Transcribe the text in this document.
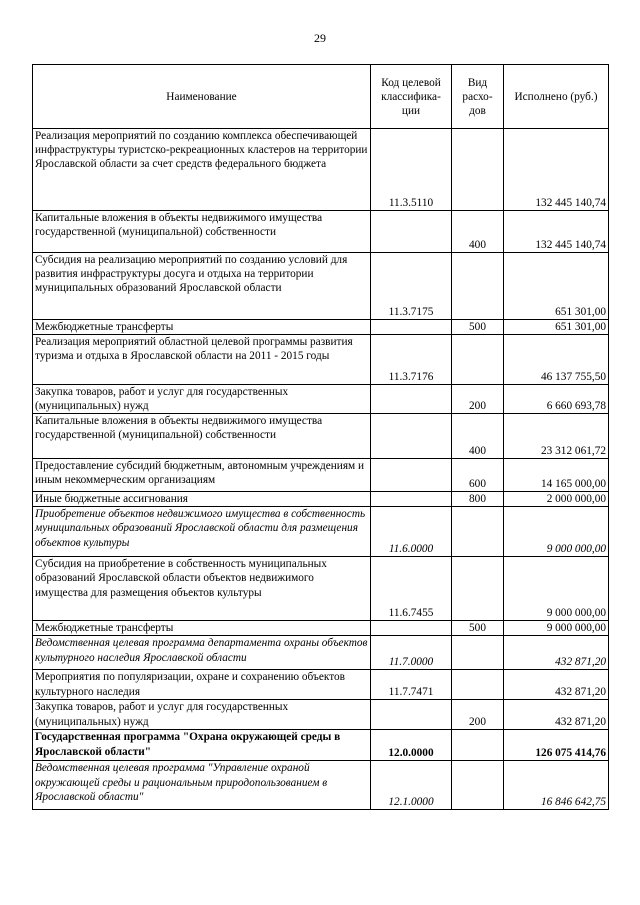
29
Наименование	Код целевой классифика- ции	Вид расхо- дов	Исполнено (руб.)
Реализация мероприятий по созданию комплекса обеспечивающей инфраструктуры туристско-рекреационных кластеров на территории Ярославской области за счет средств федерального бюджета	11.3.5110		132 445 140,74
Капитальные вложения в объекты недвижимого имущества государственной (муниципальной) собственности		400	132 445 140,74
Субсидия на реализацию мероприятий по созданию условий для развития инфраструктуры досуга и отдыха на территории муниципальных образований Ярославской области	11.3.7175		651 301,00
Межбюджетные трансферты		500	651 301,00
Реализация мероприятий областной целевой программы развития туризма и отдыха в Ярославской области на 2011 - 2015 годы	11.3.7176		46 137 755,50
Закупка товаров, работ и услуг для государственных (муниципальных) нужд		200	6 660 693,78
Капитальные вложения в объекты недвижимого имущества государственной (муниципальной) собственности		400	23 312 061,72
Предоставление субсидий бюджетным, автономным учреждениям и иным некоммерческим организациям		600	14 165 000,00
Иные бюджетные ассигнования		800	2 000 000,00
Приобретение объектов недвижимого имущества в собственность муниципальных образований Ярославской области для размещения объектов культуры	11.6.0000		9 000 000,00
Субсидия на приобретение в собственность муниципальных образований Ярославской области объектов недвижимого имущества для размещения объектов культуры	11.6.7455		9 000 000,00
Межбюджетные трансферты		500	9 000 000,00
Ведомственная целевая программа департамента охраны объектов культурного наследия Ярославской области	11.7.0000		432 871,20
Мероприятия по популяризации, охране и сохранению объектов культурного наследия	11.7.7471		432 871,20
Закупка товаров, работ и услуг для государственных (муниципальных) нужд		200	432 871,20
Государственная программа "Охрана окружающей среды в Ярославской области"	12.0.0000		126 075 414,76
Ведомственная целевая программа "Управление охраной окружающей среды и рациональным природопользованием в Ярославской области"	12.1.0000		16 846 642,75
